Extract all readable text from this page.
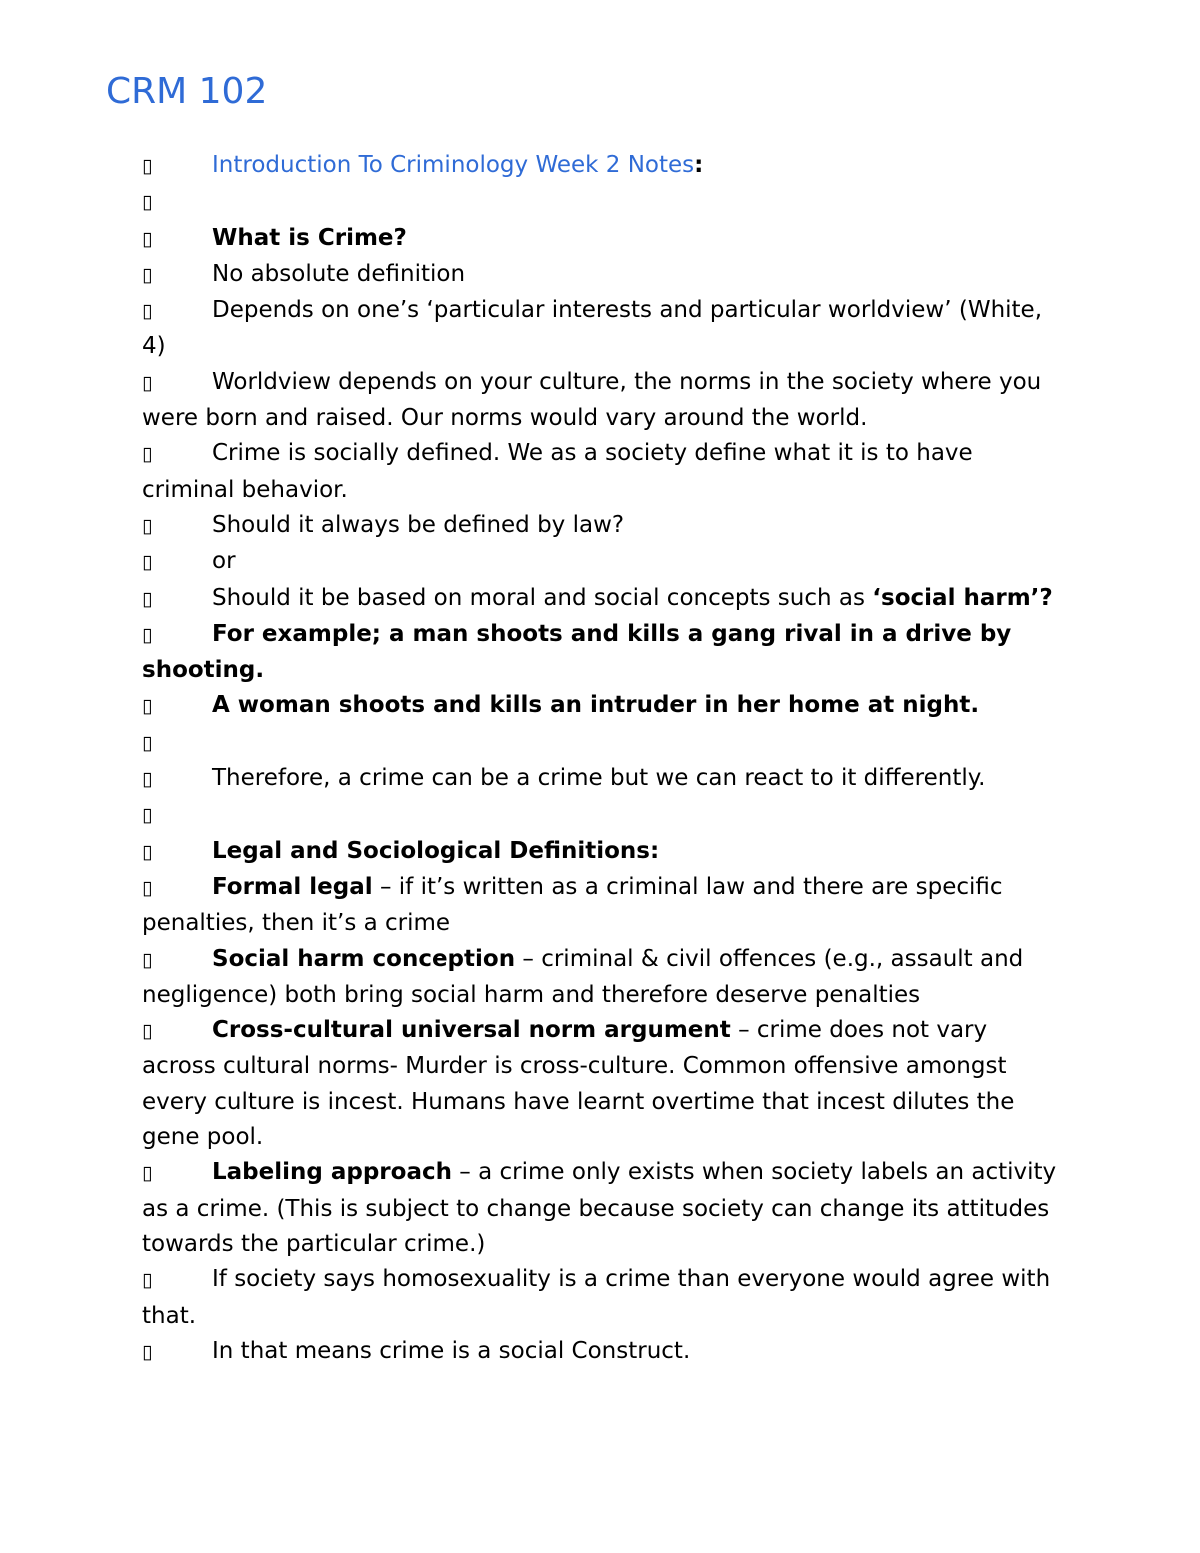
CRM 102

▯	Introduction To Criminology Week 2 Notes:

▯

▯	What is Crime?

▯	No absolute definition

▯	Depends on one’s ‘particular interests and particular worldview’ (White, 4)

▯	Worldview depends on your culture, the norms in the society where you were born and raised. Our norms would vary around the world.

▯	Crime is socially defined. We as a society define what it is to have criminal behavior.

▯	Should it always be defined by law?

▯	or

▯	Should it be based on moral and social concepts such as ‘social harm’?

▯	For example; a man shoots and kills a gang rival in a drive by shooting.

▯	A woman shoots and kills an intruder in her home at night.

▯

▯	Therefore, a crime can be a crime but we can react to it differently.

▯

▯	Legal and Sociological Definitions:

▯	Formal legal – if it’s written as a criminal law and there are specific penalties, then it’s a crime

▯	Social harm conception – criminal & civil offences (e.g., assault and negligence) both bring social harm and therefore deserve penalties

▯	Cross-cultural universal norm argument – crime does not vary across cultural norms- Murder is cross-culture. Common offensive amongst every culture is incest. Humans have learnt overtime that incest dilutes the gene pool.

▯	Labeling approach – a crime only exists when society labels an activity as a crime. (This is subject to change because society can change its attitudes towards the particular crime.)

▯	If society says homosexuality is a crime than everyone would agree with that.

▯	In that means crime is a social Construct.
